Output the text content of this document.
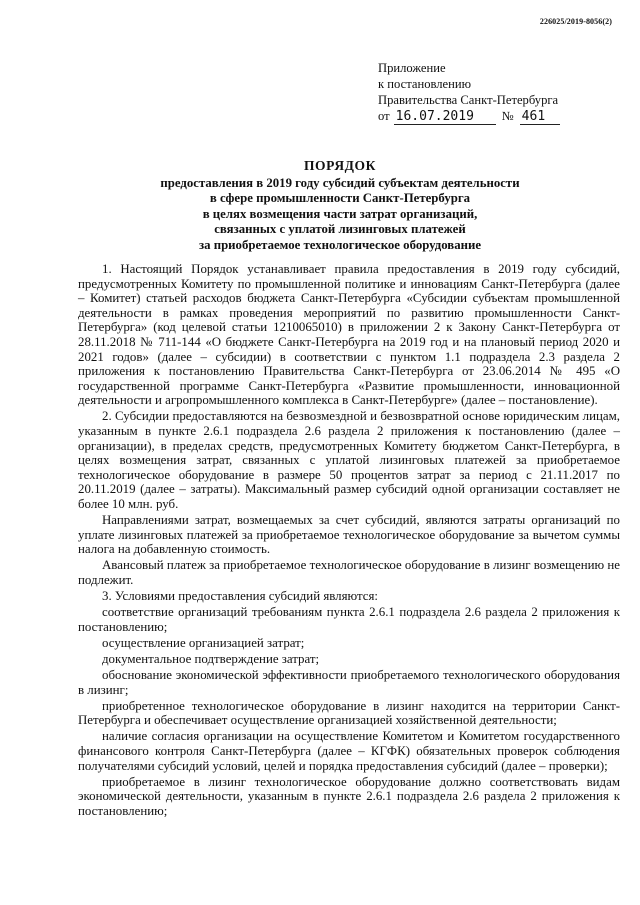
226025/2019-8056(2)
Приложение
к постановлению
Правительства Санкт-Петербурга
от 16.07.2019	№ 461
ПОРЯДОК
предоставления в 2019 году субсидий субъектам деятельности
в сфере промышленности Санкт-Петербурга
в целях возмещения части затрат организаций,
связанных с уплатой лизинговых платежей
за приобретаемое технологическое оборудование

1. Настоящий Порядок устанавливает правила предоставления в 2019 году субсидий, предусмотренных Комитету по промышленной политике и инновациям Санкт-Петербурга (далее – Комитет) статьей расходов бюджета Санкт-Петербурга «Субсидии субъектам промышленной деятельности в рамках проведения мероприятий по развитию промышленности Санкт-Петербурга» (код целевой статьи 1210065010) в приложении 2 к Закону Санкт-Петербурга от 28.11.2018 № 711-144 «О бюджете Санкт-Петербурга на 2019 год и на плановый период 2020 и 2021 годов» (далее – субсидии) в соответствии с пунктом 1.1 подраздела 2.3 раздела 2 приложения к постановлению Правительства Санкт-Петербурга от 23.06.2014 № 495 «О государственной программе Санкт-Петербурга «Развитие промышленности, инновационной деятельности и агропромышленного комплекса в Санкт-Петербурге» (далее – постановление).

2. Субсидии предоставляются на безвозмездной и безвозвратной основе юридическим лицам, указанным в пункте 2.6.1 подраздела 2.6 раздела 2 приложения к постановлению (далее – организации), в пределах средств, предусмотренных Комитету бюджетом Санкт-Петербурга, в целях возмещения затрат, связанных с уплатой лизинговых платежей за приобретаемое технологическое оборудование в размере 50 процентов затрат за период с 21.11.2017 по 20.11.2019 (далее – затраты). Максимальный размер субсидий одной организации составляет не более 10 млн. руб.

Направлениями затрат, возмещаемых за счет субсидий, являются затраты организаций по уплате лизинговых платежей за приобретаемое технологическое оборудование за вычетом суммы налога на добавленную стоимость.

Авансовый платеж за приобретаемое технологическое оборудование в лизинг возмещению не подлежит.

3. Условиями предоставления субсидий являются:

соответствие организаций требованиям пункта 2.6.1 подраздела 2.6 раздела 2 приложения к постановлению;

осуществление организацией затрат;

документальное подтверждение затрат;

обоснование экономической эффективности приобретаемого технологического оборудования в лизинг;

приобретенное технологическое оборудование в лизинг находится на территории Санкт-Петербурга и обеспечивает осуществление организацией хозяйственной деятельности;

наличие согласия организации на осуществление Комитетом и Комитетом государственного финансового контроля Санкт-Петербурга (далее – КГФК) обязательных проверок соблюдения получателями субсидий условий, целей и порядка предоставления субсидий (далее – проверки);

приобретаемое в лизинг технологическое оборудование должно соответствовать видам экономической деятельности, указанным в пункте 2.6.1 подраздела 2.6 раздела 2 приложения к постановлению;
